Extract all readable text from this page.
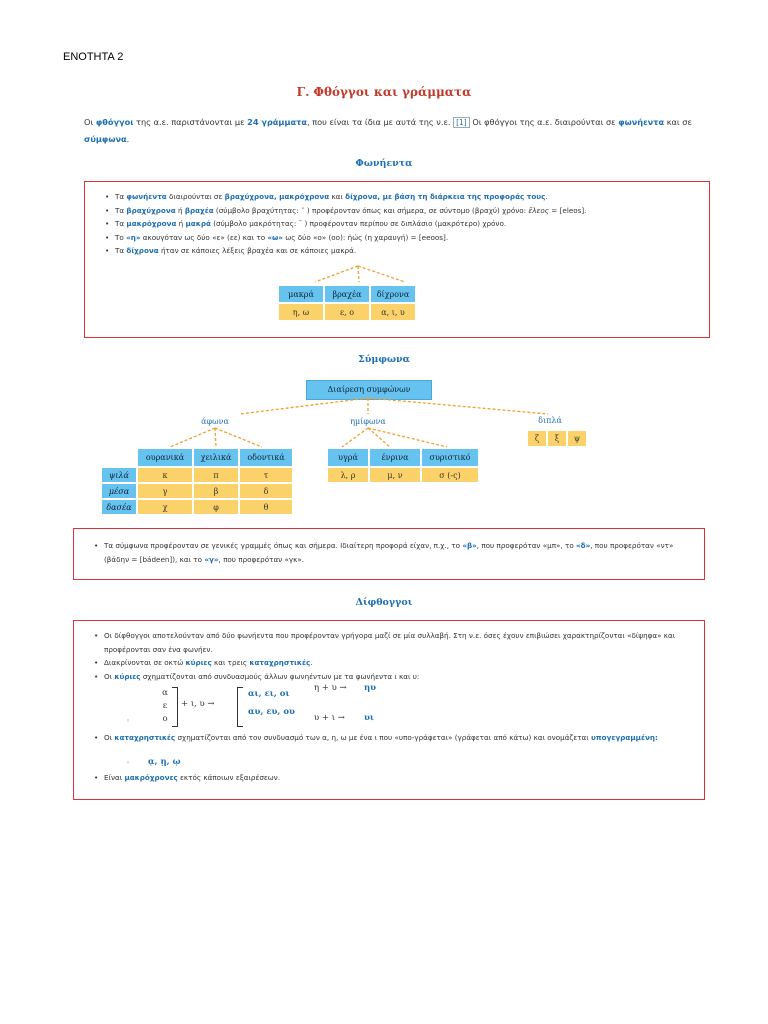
ΕΝΟΤΗΤΑ 2
Γ. Φθόγγοι και γράμματα
Οι φθόγγοι της α.ε. παριστάνονται με 24 γράμματα, που είναι τα ίδια με αυτά της ν.ε. [1] Οι φθόγγοι της α.ε. διαιρούνται σε φωνήεντα και σε σύμφωνα.
Φωνήεντα
• Τα φωνήεντα διαιρούνται σε βραχύχρονα, μακρόχρονα και δίχρονα, με βάση τη διάρκεια της προφοράς τους.
• Τα βραχύχρονα ή βραχέα (σύμβολο βραχύτητας: ˘ ) προφέρονταν όπως και σήμερα, σε σύντομο (βραχύ) χρόνο: ἔλεος = [eleos].
• Τα μακρόχρονα ή μακρά (σύμβολο μακρότητας: ¯ ) προφέρονταν περίπου σε διπλάσιο (μακρότερο) χρόνο.
• Το «η» ακουγόταν ως δύο «ε» (εε) και το «ω» ως δύο «ο» (οο): ἠώς (η χαραυγή) = [eeoos].
• Τα δίχρονα ήταν σε κάποιες λέξεις βραχέα και σε κάποιες μακρά.
μακρά	βραχέα	δίχρονα
η, ω	ε, ο	α, ι, υ
Σύμφωνα
Διαίρεση συμφώνων
άφωνα	ημίφωνα	διπλά
	ουρανικά	χειλικά	οδοντικά
ψιλά	κ	π	τ
μέσα	γ	β	δ
δασέα	χ	φ	θ
υγρά	ένρινα	συριστικό
λ, ρ	μ, ν	σ (-ς)
ζ	ξ	ψ
• Τα σύμφωνα προφέρονταν σε γενικές γραμμές όπως και σήμερα. Ιδιαίτερη προφορά είχαν, π.χ., το «β», που προφερόταν «μπ», το «δ», που προφερόταν «ντ» (βάδην = [bádeen]), και το «γ», που προφερόταν «γκ».
Δίφθογγοι
• Οι δίφθογγοι αποτελούνταν από δύο φωνήεντα που προφέρονταν γρήγορα μαζί σε μία συλλαβή. Στη ν.ε. όσες έχουν επιβιώσει χαρακτηρίζονται «δίψηφα» και προφέρονται σαν ένα φωνήεν.
• Διακρίνονται σε οκτώ κύριες και τρεις καταχρηστικές.
• Οι κύριες σχηματίζονται από συνδυασμούς άλλων φωνηέντων με τα φωνήεντα ι και υ:
α
ε
ο
+ ι, υ →
αι, ει, οι
αυ, ευ, ου
η + υ → ηυ
υ + ι → υι
◦
• Οι καταχρηστικές σχηματίζονται από τον συνδυασμό των α, η, ω με ένα ι που «υπο-γράφεται» (γράφεται από κάτω) και ονομάζεται υπογεγραμμένη:
◦ ᾳ, ῃ, ῳ
• Είναι μακρόχρονες εκτός κάποιων εξαιρέσεων.
